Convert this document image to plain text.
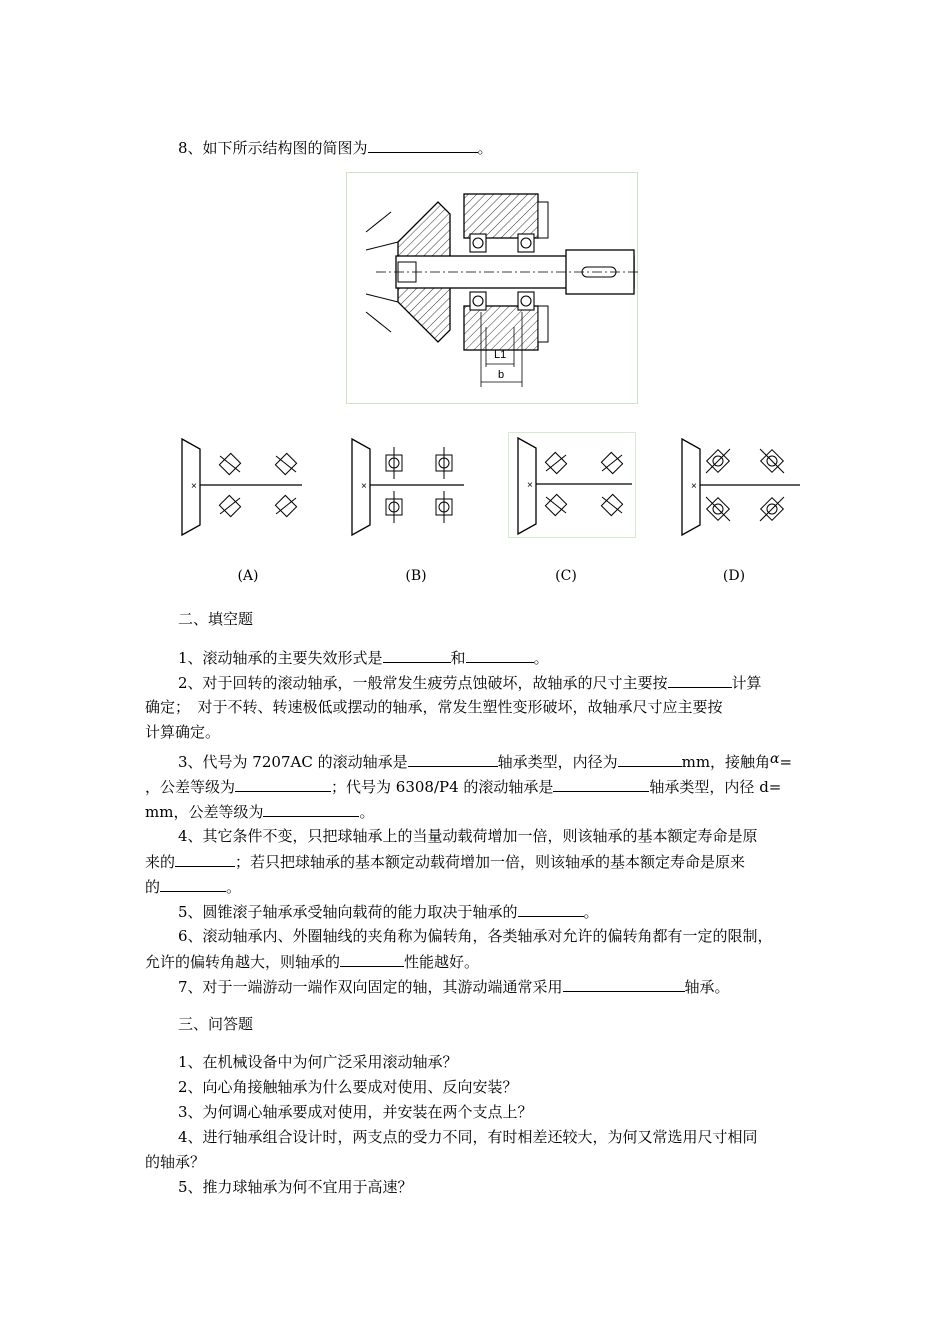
8、如下所示结构图的简图为	。
L1
b
×	×	×	×
(A)	(B)	(C)	(D)
二、填空题
1、滚动轴承的主要失效形式是	和	。
2、对于回转的滚动轴承，一般常发生疲劳点蚀破坏，故轴承的尺寸主要按	计算
确定；　对于不转、转速极低或摆动的轴承，常发生塑性变形破坏，故轴承尺寸应主要按
计算确定。
3、代号为 7207AC 的滚动轴承是	轴承类型，内径为	mm，接触角α=
，公差等级为	；代号为 6308/P4 的滚动轴承是	轴承类型，内径 d=
mm，公差等级为	。
4、其它条件不变，只把球轴承上的当量动载荷增加一倍，则该轴承的基本额定寿命是原
来的	；若只把球轴承的基本额定动载荷增加一倍，则该轴承的基本额定寿命是原来
的	。
5、圆锥滚子轴承承受轴向载荷的能力取决于轴承的	。
6、滚动轴承内、外圈轴线的夹角称为偏转角，各类轴承对允许的偏转角都有一定的限制，
允许的偏转角越大，则轴承的	性能越好。
7、对于一端游动一端作双向固定的轴，其游动端通常采用	轴承。
三、问答题
1、在机械设备中为何广泛采用滚动轴承？
2、向心角接触轴承为什么要成对使用、反向安装？
3、为何调心轴承要成对使用，并安装在两个支点上？
4、进行轴承组合设计时，两支点的受力不同，有时相差还较大，为何又常选用尺寸相同
的轴承？
5、推力球轴承为何不宜用于高速？
